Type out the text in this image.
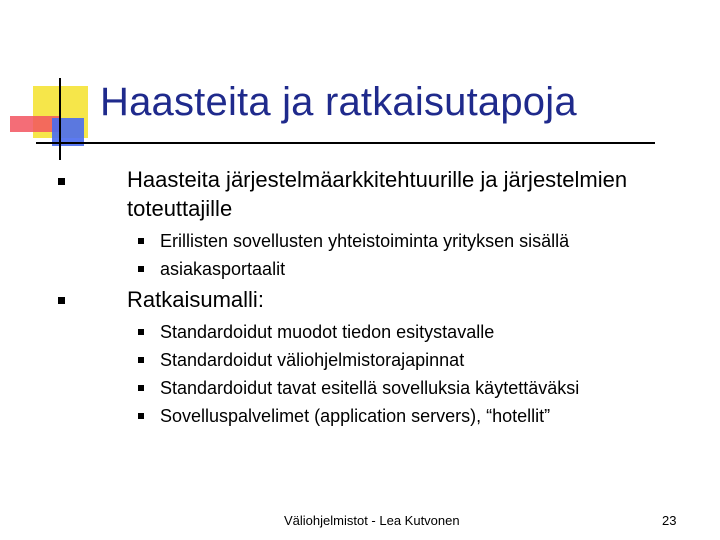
Haasteita ja ratkaisutapoja
Haasteita järjestelmäarkkitehtuurille ja järjestelmien
toteuttajille
Erillisten sovellusten yhteistoiminta yrityksen sisällä
asiakasportaalit
Ratkaisumalli:
Standardoidut muodot tiedon esitystavalle
Standardoidut väliohjelmistorajapinnat
Standardoidut tavat esitellä sovelluksia käytettäväksi
Sovelluspalvelimet (application servers), “hotellit”
Väliohjelmistot - Lea Kutvonen	23
